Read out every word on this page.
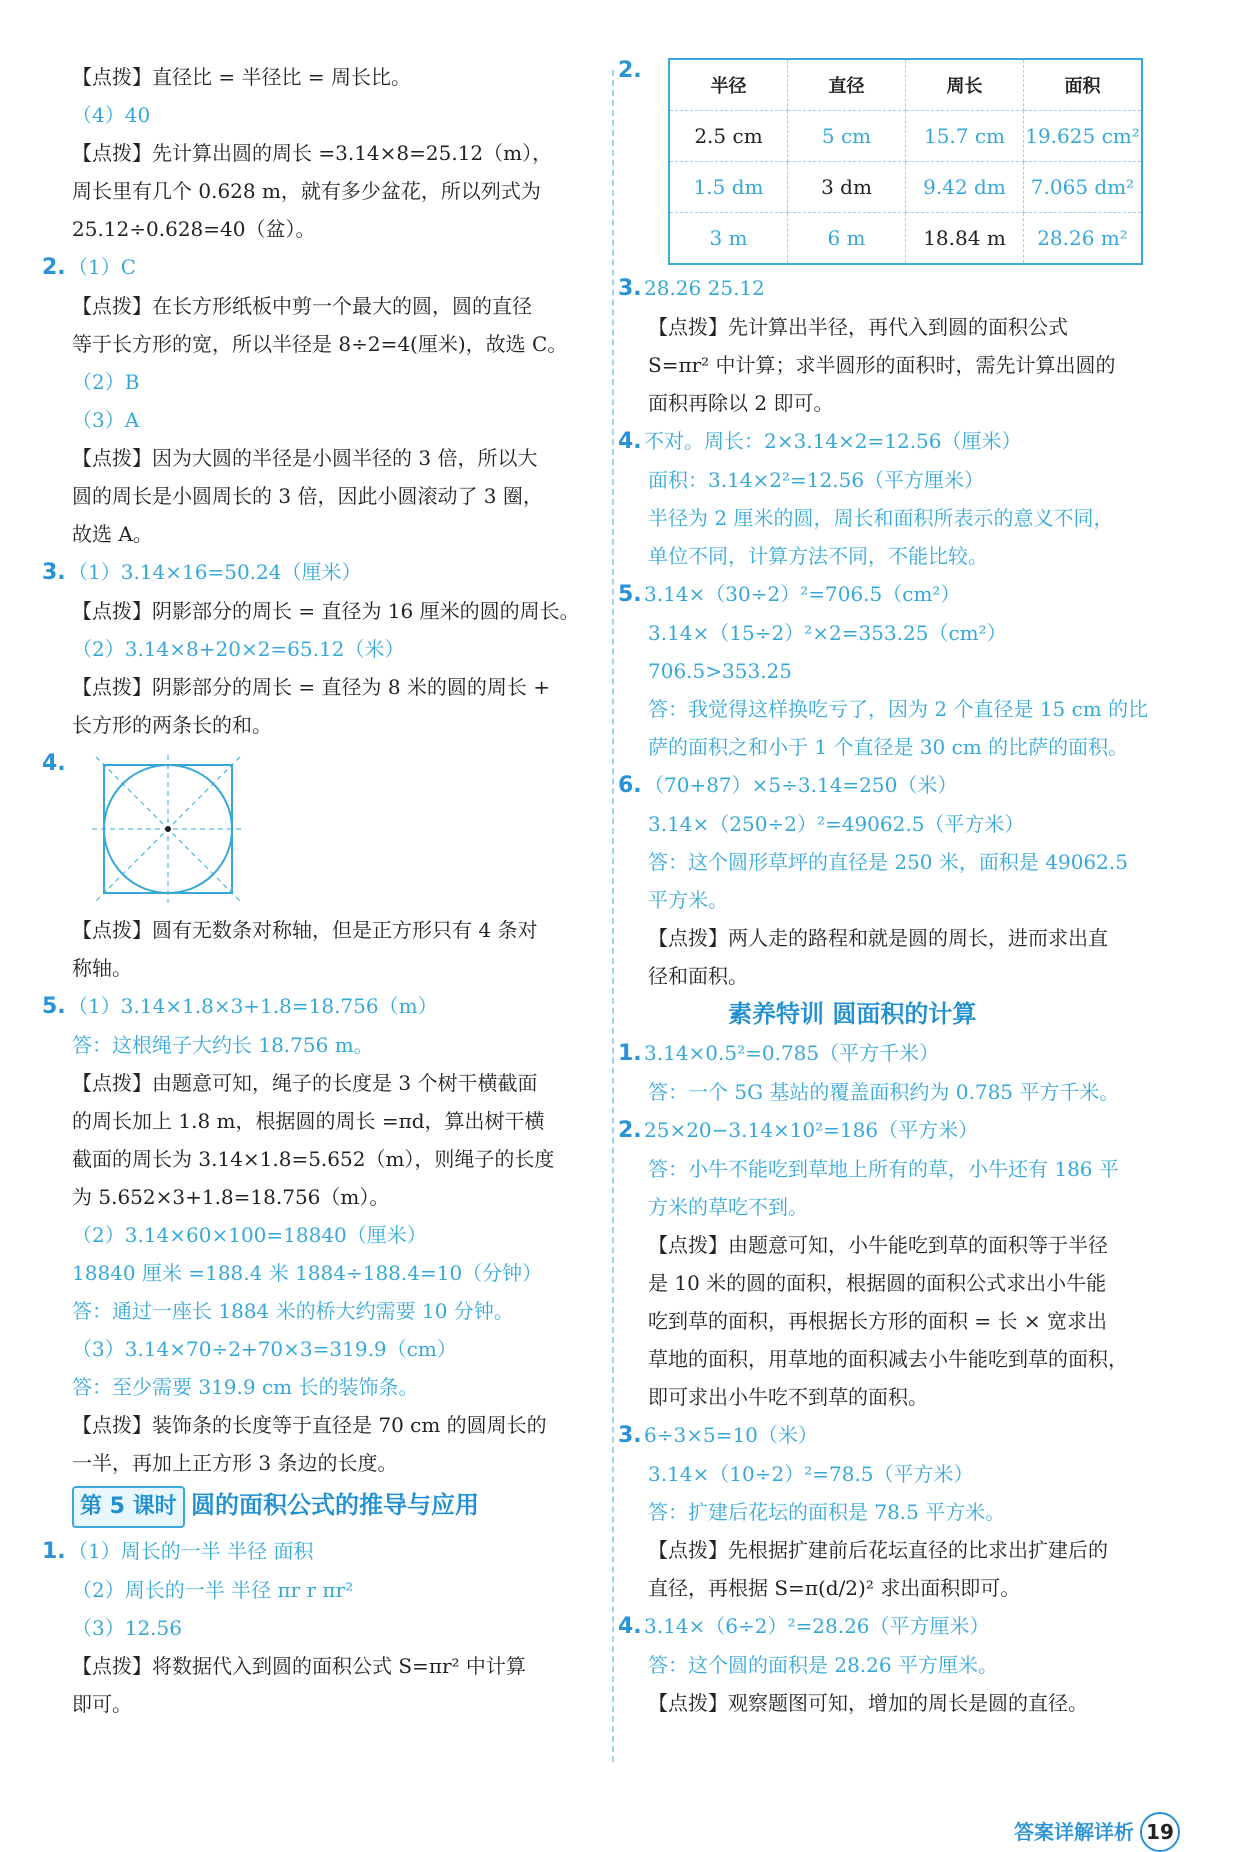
【点拨】直径比 = 半径比 = 周长比。
（4）40
【点拨】先计算出圆的周长 =3.14×8=25.12（m），
周长里有几个 0.628 m，就有多少盆花，所以列式为
25.12÷0.628=40（盆）。
2. （1）C
【点拨】在长方形纸板中剪一个最大的圆，圆的直径
等于长方形的宽，所以半径是 8÷2=4(厘米)，故选 C。
（2）B
（3）A
【点拨】因为大圆的半径是小圆半径的 3 倍，所以大
圆的周长是小圆周长的 3 倍，因此小圆滚动了 3 圈，
故选 A。
3. （1）3.14×16=50.24（厘米）
【点拨】阴影部分的周长 = 直径为 16 厘米的圆的周长。
（2）3.14×8+20×2=65.12（米）
【点拨】阴影部分的周长 = 直径为 8 米的圆的周长 +
长方形的两条长的和。
4.
【点拨】圆有无数条对称轴，但是正方形只有 4 条对
称轴。
5. （1）3.14×1.8×3+1.8=18.756（m）
答：这根绳子大约长 18.756 m。
【点拨】由题意可知，绳子的长度是 3 个树干横截面
的周长加上 1.8 m，根据圆的周长 =πd，算出树干横
截面的周长为 3.14×1.8=5.652（m），则绳子的长度
为 5.652×3+1.8=18.756（m）。
（2）3.14×60×100=18840（厘米）
18840 厘米 =188.4 米 1884÷188.4=10（分钟）
答：通过一座长 1884 米的桥大约需要 10 分钟。
（3）3.14×70÷2+70×3=319.9（cm）
答：至少需要 319.9 cm 长的装饰条。
【点拨】装饰条的长度等于直径是 70 cm 的圆周长的
一半，再加上正方形 3 条边的长度。
第 5 课时 圆的面积公式的推导与应用
1. （1）周长的一半 半径 面积
（2）周长的一半 半径 πr r πr²
（3）12.56
【点拨】将数据代入到圆的面积公式 S=πr² 中计算
即可。
2.
半径	直径	周长	面积
2.5 cm	5 cm	15.7 cm	19.625 cm²
1.5 dm	3 dm	9.42 dm	7.065 dm²
3 m	6 m	18.84 m	28.26 m²
3. 28.26 25.12
【点拨】先计算出半径，再代入到圆的面积公式
S=πr² 中计算；求半圆形的面积时，需先计算出圆的
面积再除以 2 即可。
4. 不对。周长：2×3.14×2=12.56（厘米）
面积：3.14×2²=12.56（平方厘米）
半径为 2 厘米的圆，周长和面积所表示的意义不同，
单位不同，计算方法不同，不能比较。
5. 3.14×（30÷2）²=706.5（cm²）
3.14×（15÷2）²×2=353.25（cm²）
706.5>353.25
答：我觉得这样换吃亏了，因为 2 个直径是 15 cm 的比
萨的面积之和小于 1 个直径是 30 cm 的比萨的面积。
6. （70+87）×5÷3.14=250（米）
3.14×（250÷2）²=49062.5（平方米）
答：这个圆形草坪的直径是 250 米，面积是 49062.5
平方米。
【点拨】两人走的路程和就是圆的周长，进而求出直
径和面积。
素养特训 圆面积的计算
1. 3.14×0.5²=0.785（平方千米）
答：一个 5G 基站的覆盖面积约为 0.785 平方千米。
2. 25×20−3.14×10²=186（平方米）
答：小牛不能吃到草地上所有的草，小牛还有 186 平
方米的草吃不到。
【点拨】由题意可知，小牛能吃到草的面积等于半径
是 10 米的圆的面积，根据圆的面积公式求出小牛能
吃到草的面积，再根据长方形的面积 = 长 × 宽求出
草地的面积，用草地的面积减去小牛能吃到草的面积，
即可求出小牛吃不到草的面积。
3. 6÷3×5=10（米）
3.14×（10÷2）²=78.5（平方米）
答：扩建后花坛的面积是 78.5 平方米。
【点拨】先根据扩建前后花坛直径的比求出扩建后的
直径，再根据 S=π(d/2)² 求出面积即可。
4. 3.14×（6÷2）²=28.26（平方厘米）
答：这个圆的面积是 28.26 平方厘米。
【点拨】观察题图可知，增加的周长是圆的直径。
答案详解详析 19
